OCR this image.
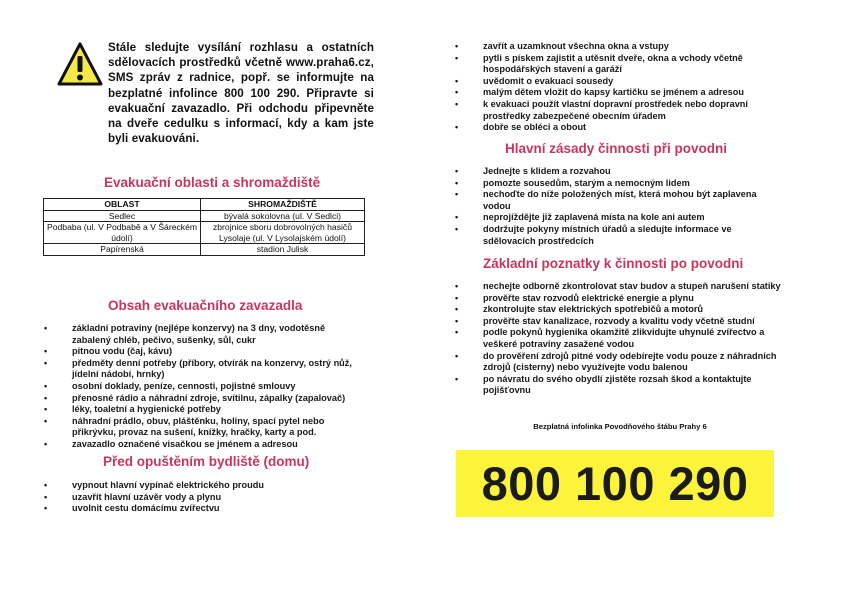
Stále sledujte vysílání rozhlasu a ostatních sdělovacích prostředků včetně www.praha6.cz, SMS zpráv z radnice, popř. se informujte na bezplatné infolince 800 100 290. Připravte si evakuační zavazadlo. Při odchodu připevněte na dveře cedulku s informací, kdy a kam jste byli evakuováni.
Evakuační oblasti a shromaždiště
OBLAST	SHROMAŽDIŠTĚ
Sedlec	bývalá sokolovna (ul. V Sedlci)
Podbaba (ul. V Podbabě a V Šáreckém údolí)	zbrojnice sboru dobrovolných hasičů Lysolaje (ul. V Lysolajském údolí)
Papírenská	stadion Julisk
Obsah evakuačního zavazadla
• základní potraviny (nejlépe konzervy) na 3 dny, vodotěsně zabalený chléb, pečivo, sušenky, sůl, cukr
• pitnou vodu (čaj, kávu)
• předměty denní potřeby (příbory, otvírák na konzervy, ostrý nůž, jídelní nádobí, hrnky)
• osobní doklady, peníze, cennosti, pojistné smlouvy
• přenosné rádio a náhradní zdroje, svítilnu, zápalky (zapalovač)
• léky, toaletní a hygienické potřeby
• náhradní prádlo, obuv, pláštěnku, holiny, spací pytel nebo přikrývku, provaz na sušení, knížky, hračky, karty a pod.
• zavazadlo označené visačkou se jménem a adresou
Před opuštěním bydliště (domu)
• vypnout hlavní vypínač elektrického proudu
• uzavřít hlavní uzávěr vody a plynu
• uvolnit cestu domácímu zvířectvu
• zavřít a uzamknout všechna okna a vstupy
• pytli s pískem zajistit a utěsnit dveře, okna a vchody včetně hospodářských stavení a garáží
• uvědomit o evakuaci sousedy
• malým dětem vložit do kapsy kartičku se jménem a adresou
• k evakuaci použít vlastní dopravní prostředek nebo dopravní prostředky zabezpečené obecním úřadem
• dobře se obléci a obout
Hlavní zásady činnosti při povodni
• Jednejte s klidem a rozvahou
• pomozte sousedům, starým a nemocným lidem
• nechoďte do níže položených míst, která mohou být zaplavena vodou
• neprojíždějte již zaplavená místa na kole ani autem
• dodržujte pokyny místních úřadů a sledujte informace ve sdělovacích prostředcích
Základní poznatky k činnosti po povodni
• nechejte odborně zkontrolovat stav budov a stupeň narušení statiky
• prověřte stav rozvodů elektrické energie a plynu
• zkontrolujte stav elektrických spotřebičů a motorů
• prověřte stav kanalizace, rozvody a kvalitu vody včetně studní
• podle pokynů hygienika okamžitě zlikvidujte uhynulé zvířectvo a veškeré potraviny zasažené vodou
• do prověření zdrojů pitné vody odebírejte vodu pouze z náhradních zdrojů (cisterny) nebo využívejte vodu balenou
• po návratu do svého obydlí zjistěte rozsah škod a kontaktujte pojišťovnu
Bezplatná infolinka Povodňového štábu Prahy 6
800 100 290
